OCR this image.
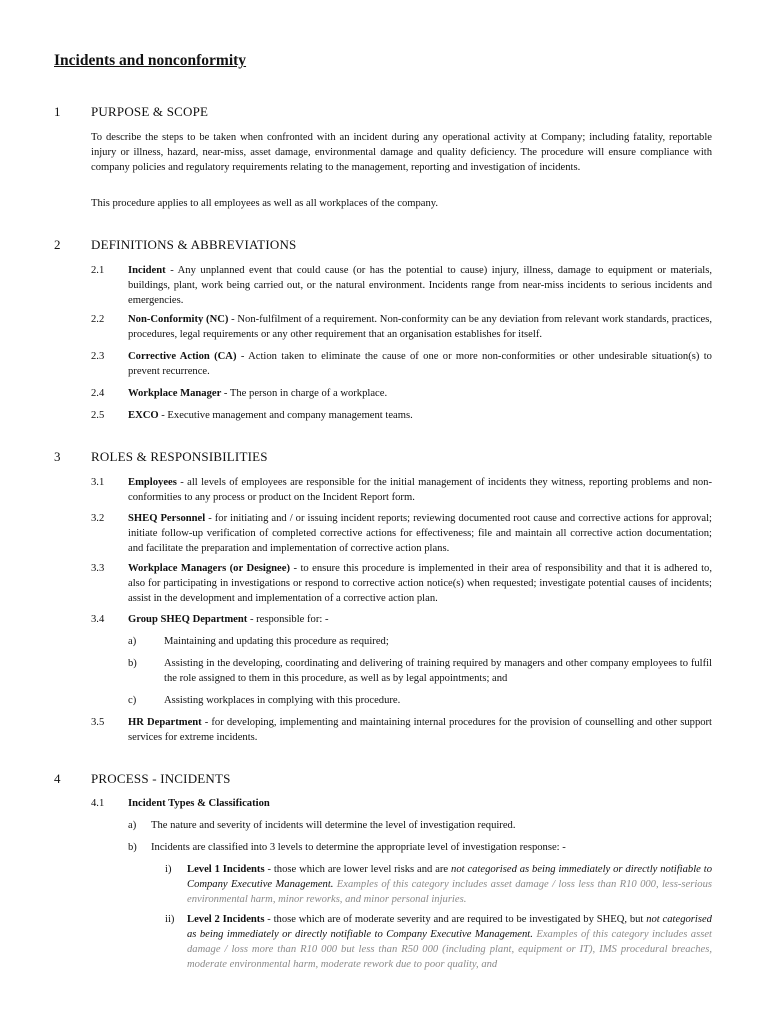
Incidents and nonconformity
1 PURPOSE & SCOPE

To describe the steps to be taken when confronted with an incident during any operational activity at Company; including fatality, reportable injury or illness, hazard, near-miss, asset damage, environmental damage and quality deficiency. The procedure will ensure compliance with company policies and regulatory requirements relating to the management, reporting and investigation of incidents.

This procedure applies to all employees as well as all workplaces of the company.

2 DEFINITIONS & ABBREVIATIONS
2.1 Incident - Any unplanned event that could cause (or has the potential to cause) injury, illness, damage to equipment or materials, buildings, plant, work being carried out, or the natural environment. Incidents range from near-miss incidents to serious incidents and emergencies.

2.2 Non-Conformity (NC) - Non-fulfilment of a requirement. Non-conformity can be any deviation from relevant work standards, practices, procedures, legal requirements or any other requirement that an organisation establishes for itself.

2.3 Corrective Action (CA) - Action taken to eliminate the cause of one or more non-conformities or other undesirable situation(s) to prevent recurrence.

2.4 Workplace Manager - The person in charge of a workplace.

2.5 EXCO - Executive management and company management teams.

3 ROLES & RESPONSIBILITIES
3.1 Employees - all levels of employees are responsible for the initial management of incidents they witness, reporting problems and non-conformities to any process or product on the Incident Report form.

3.2 SHEQ Personnel - for initiating and / or issuing incident reports; reviewing documented root cause and corrective actions for approval; initiate follow-up verification of completed corrective actions for effectiveness; file and maintain all corrective action documentation; and facilitate the preparation and implementation of corrective action plans.

3.3 Workplace Managers (or Designee) - to ensure this procedure is implemented in their area of responsibility and that it is adhered to, also for participating in investigations or respond to corrective action notice(s) when requested; investigate potential causes of incidents; assist in the development and implementation of a corrective action plan.

3.4 Group SHEQ Department - responsible for: -

a)	Maintaining and updating this procedure as required;

b)	Assisting in the developing, coordinating and delivering of training required by managers and other company employees to fulfil the role assigned to them in this procedure, as well as by legal appointments; and

c)	Assisting workplaces in complying with this procedure.

3.5 HR Department - for developing, implementing and maintaining internal procedures for the provision of counselling and other support services for extreme incidents.

4 PROCESS - INCIDENTS
4.1 Incident Types & Classification

a) The nature and severity of incidents will determine the level of investigation required.

b) Incidents are classified into 3 levels to determine the appropriate level of investigation response: -

i) Level 1 Incidents - those which are lower level risks and are not categorised as being immediately or directly notifiable to Company Executive Management. Examples of this category includes asset damage / loss less than R10 000, less-serious environmental harm, minor reworks, and minor personal injuries.

ii) Level 2 Incidents - those which are of moderate severity and are required to be investigated by SHEQ, but not categorised as being immediately or directly notifiable to Company Executive Management. Examples of this category includes asset damage / loss more than R10 000 but less than R50 000 (including plant, equipment or IT), IMS procedural breaches, moderate environmental harm, moderate rework due to poor quality, and
